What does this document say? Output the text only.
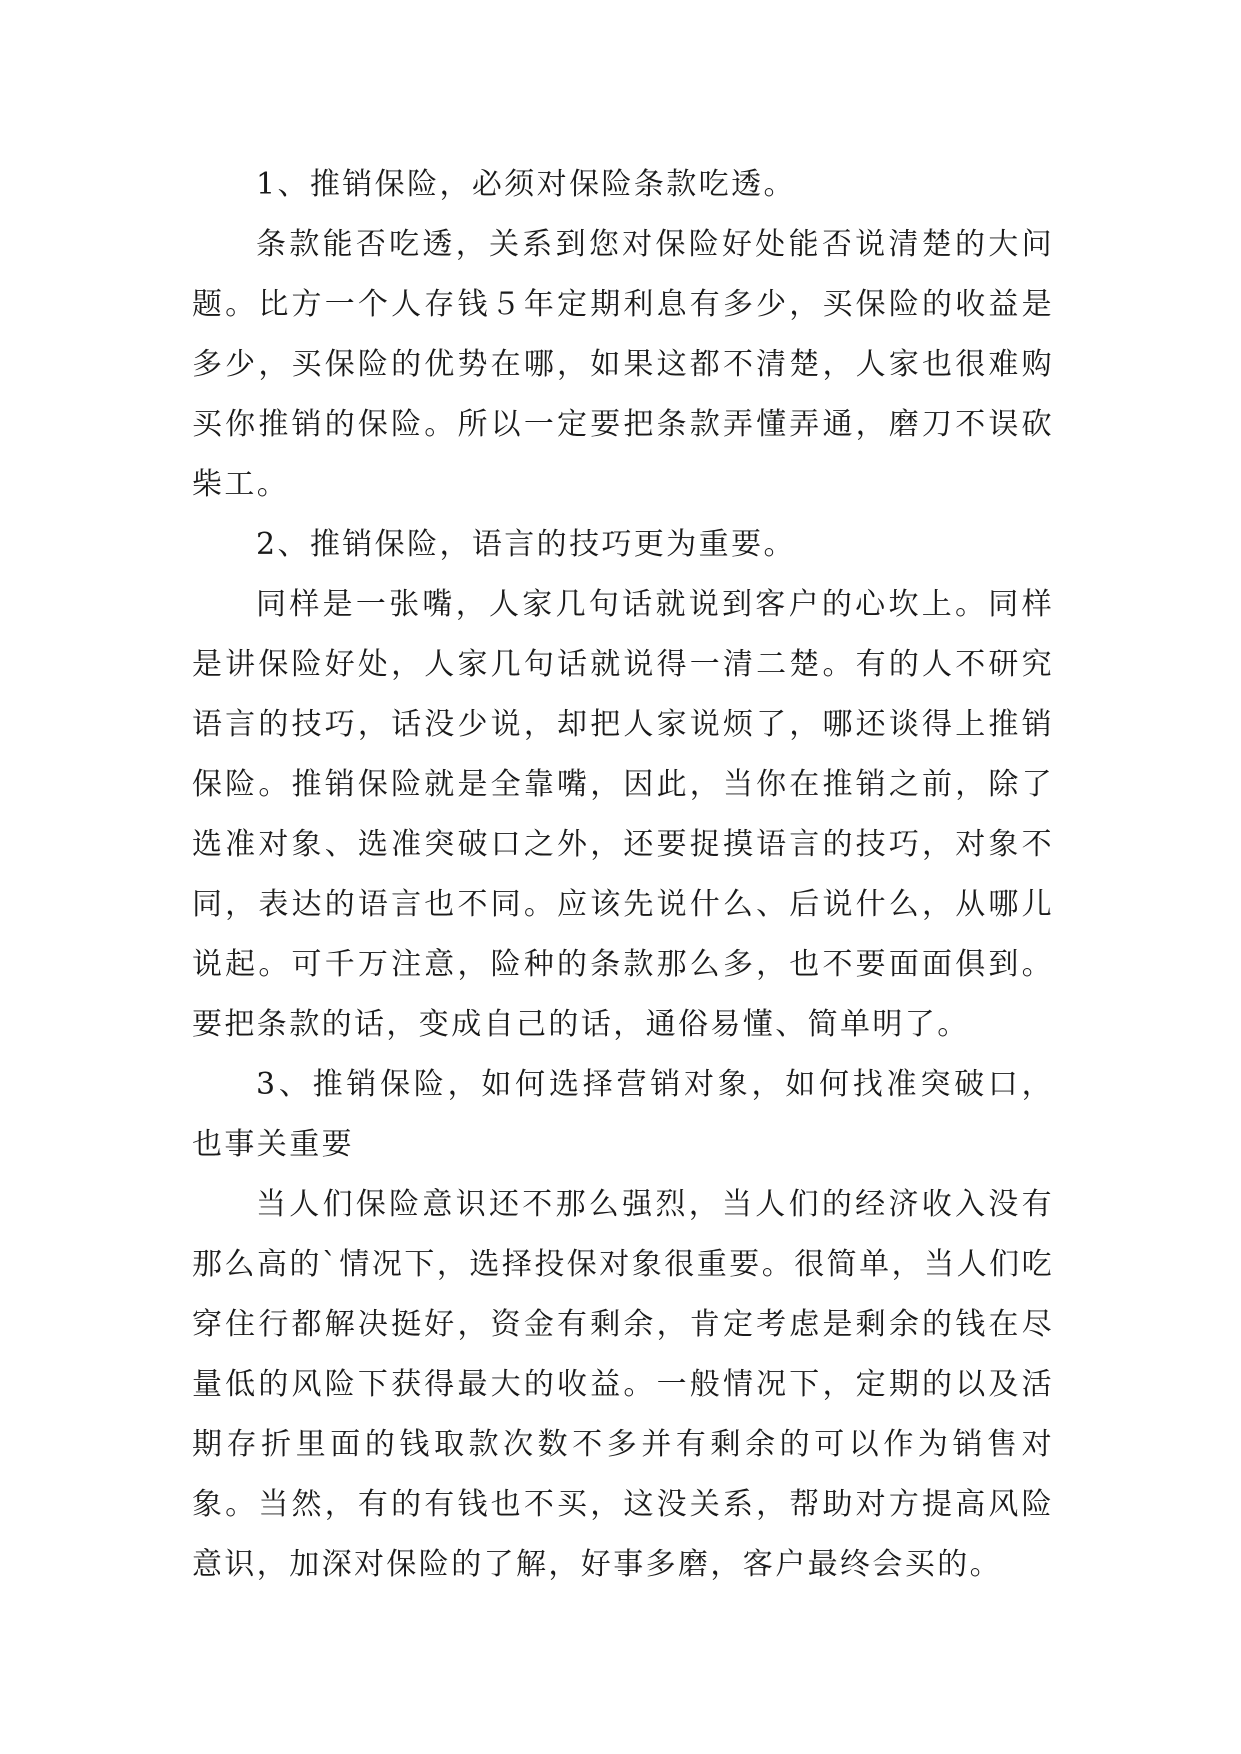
1、推销保险，必须对保险条款吃透。

条款能否吃透，关系到您对保险好处能否说清楚的大问题。比方一个人存钱５年定期利息有多少，买保险的收益是多少，买保险的优势在哪，如果这都不清楚，人家也很难购买你推销的保险。所以一定要把条款弄懂弄通，磨刀不误砍柴工。

2、推销保险，语言的技巧更为重要。

同样是一张嘴，人家几句话就说到客户的心坎上。同样是讲保险好处，人家几句话就说得一清二楚。有的人不研究语言的技巧，话没少说，却把人家说烦了，哪还谈得上推销保险。推销保险就是全靠嘴，因此，当你在推销之前，除了选准对象、选准突破口之外，还要捉摸语言的技巧，对象不同，表达的语言也不同。应该先说什么、后说什么，从哪儿说起。可千万注意，险种的条款那么多，也不要面面俱到。要把条款的话，变成自己的话，通俗易懂、简单明了。

3、推销保险，如何选择营销对象，如何找准突破口，也事关重要

当人们保险意识还不那么强烈，当人们的经济收入没有那么高的`情况下，选择投保对象很重要。很简单，当人们吃穿住行都解决挺好，资金有剩余，肯定考虑是剩余的钱在尽量低的风险下获得最大的收益。一般情况下，定期的以及活期存折里面的钱取款次数不多并有剩余的可以作为销售对象。当然，有的有钱也不买，这没关系，帮助对方提高风险意识，加深对保险的了解，好事多磨，客户最终会买的。
